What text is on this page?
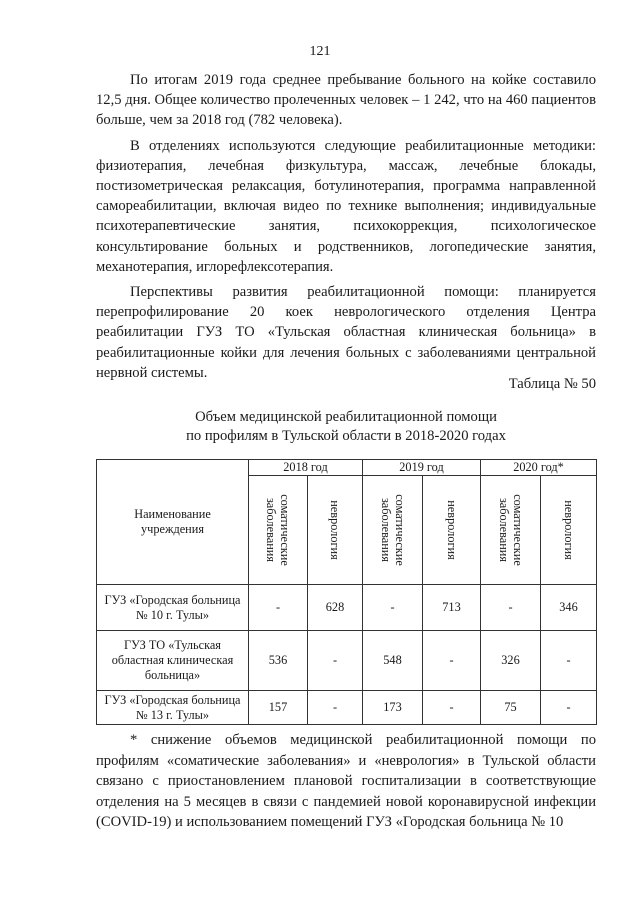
121

По итогам 2019 года среднее пребывание больного на койке составило 12,5 дня. Общее количество пролеченных человек – 1 242, что на 460 пациентов больше, чем за 2018 год (782 человека).

В отделениях используются следующие реабилитационные методики: физиотерапия, лечебная физкультура, массаж, лечебные блокады, постизометрическая релаксация, ботулинотерапия, программа направленной самореабилитации, включая видео по технике выполнения; индивидуальные психотерапевтические занятия, психокоррекция, психологическое консультирование больных и родственников, логопедические занятия, механотерапия, иглорефлексотерапия.

Перспективы развития реабилитационной помощи: планируется перепрофилирование 20 коек неврологического отделения Центра реабилитации ГУЗ ТО «Тульская областная клиническая больница» в реабилитационные койки для лечения больных с заболеваниями центральной нервной системы.

Таблица № 50
Объем медицинской реабилитационной помощи
по профилям в Тульской области в 2018-2020 годах
Наименование учреждения	2018 год		2019 год		2020 год*	

	соматические заболевания	неврология	соматические заболевания	неврология	соматические заболевания	неврология

ГУЗ «Городская больница № 10 г. Тулы»	-	628	-	713	-	346
ГУЗ ТО «Тульская областная клиническая больница»	536	-	548	-	326	-
ГУЗ «Городская больница № 13 г. Тулы»	157	-	173	-	75	-

* снижение объемов медицинской реабилитационной помощи по профилям «соматические заболевания» и «неврология» в Тульской области связано с приостановлением плановой госпитализации в соответствующие отделения на 5 месяцев в связи с пандемией новой коронавирусной инфекции (COVID-19) и использованием помещений ГУЗ «Городская больница № 10
